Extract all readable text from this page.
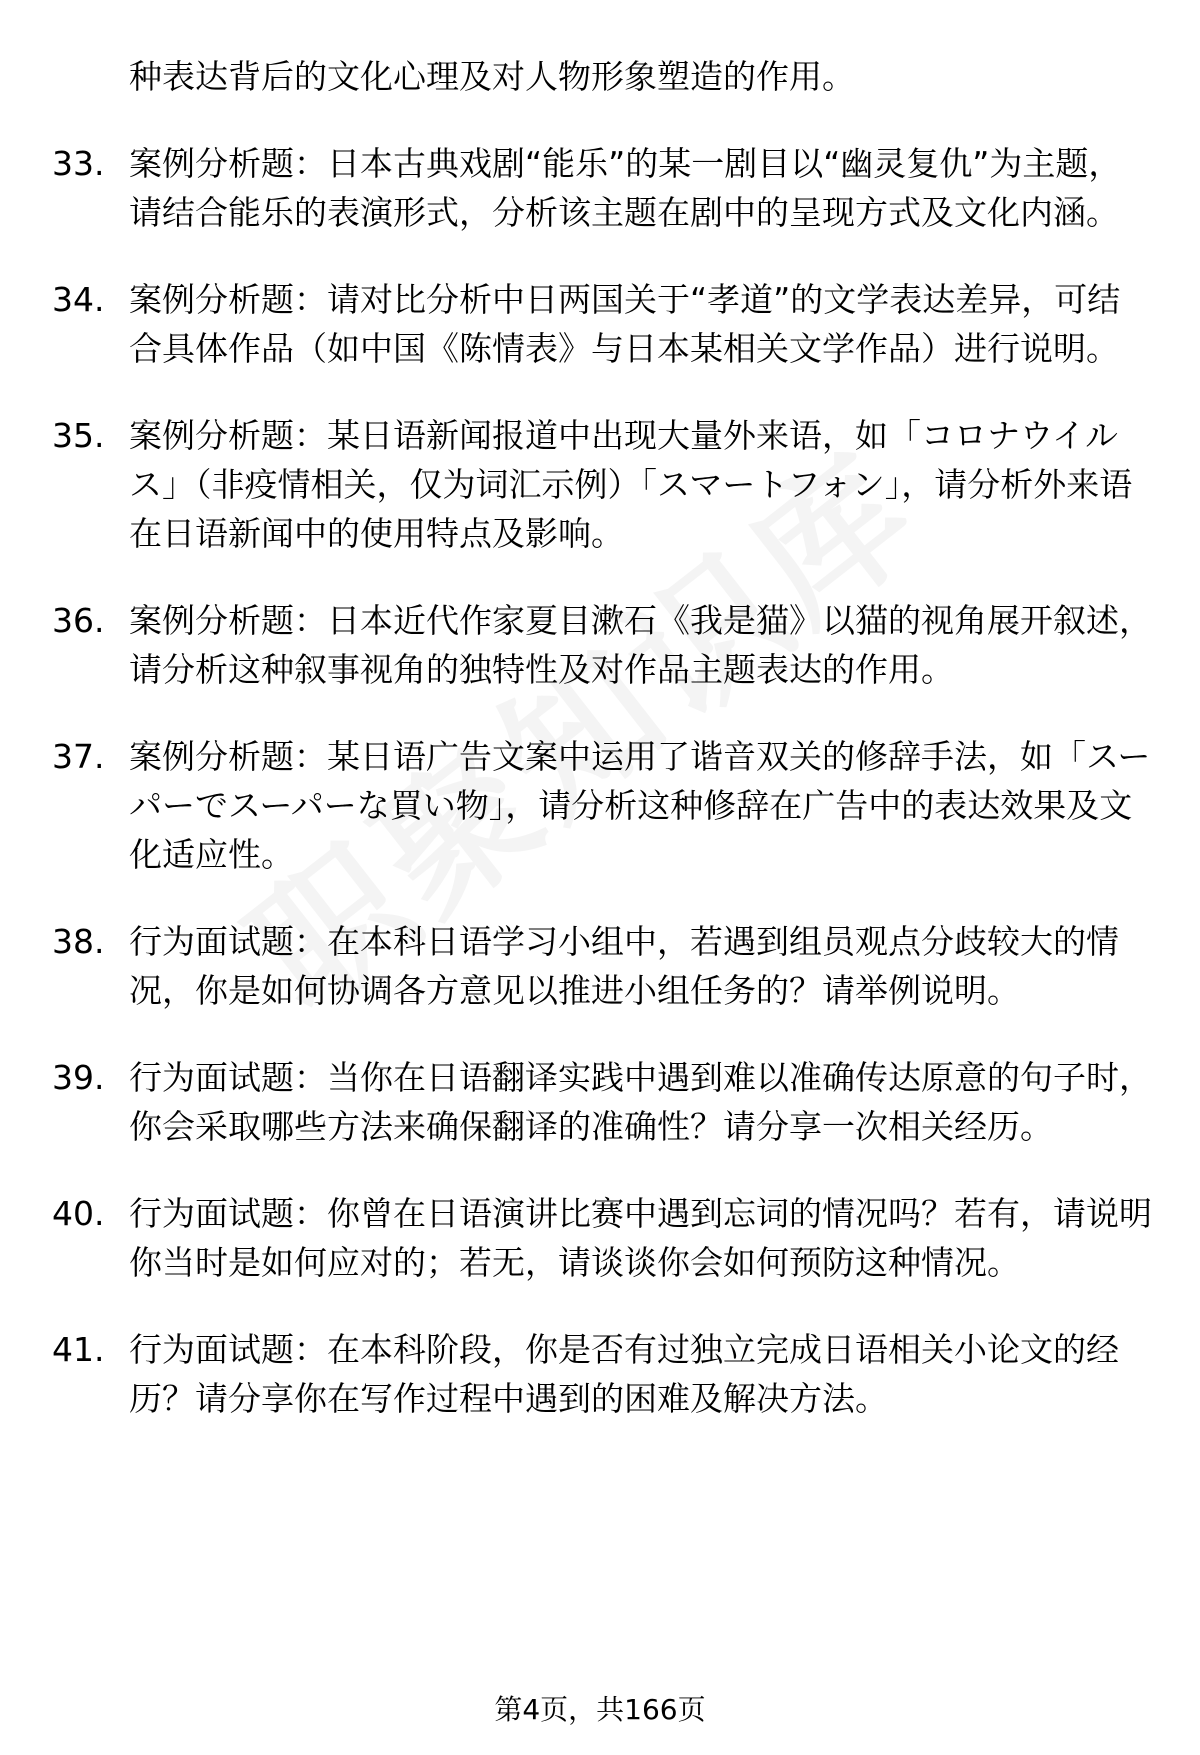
种表达背后的文化心理及对人物形象塑造的作用。
33. 案例分析题：日本古典戏剧“能乐”的某一剧目以“幽灵复仇”为主题，请结合能乐的表演形式，分析该主题在剧中的呈现方式及文化内涵。
34. 案例分析题：请对比分析中日两国关于“孝道”的文学表达差异，可结合具体作品（如中国《陈情表》与日本某相关文学作品）进行说明。
35. 案例分析题：某日语新闻报道中出现大量外来语，如「コロナウイルス」（非疫情相关，仅为词汇示例）「スマートフォン」，请分析外来语在日语新闻中的使用特点及影响。
36. 案例分析题：日本近代作家夏目漱石《我是猫》以猫的视角展开叙述，请分析这种叙事视角的独特性及对作品主题表达的作用。
37. 案例分析题：某日语广告文案中运用了谐音双关的修辞手法，如「スーパーでスーパーな買い物」，请分析这种修辞在广告中的表达效果及文化适应性。
38. 行为面试题：在本科日语学习小组中，若遇到组员观点分歧较大的情况，你是如何协调各方意见以推进小组任务的？请举例说明。
39. 行为面试题：当你在日语翻译实践中遇到难以准确传达原意的句子时，你会采取哪些方法来确保翻译的准确性？请分享一次相关经历。
40. 行为面试题：你曾在日语演讲比赛中遇到忘词的情况吗？若有，请说明你当时是如何应对的；若无，请谈谈你会如何预防这种情况。
41. 行为面试题：在本科阶段，你是否有过独立完成日语相关小论文的经历？请分享你在写作过程中遇到的困难及解决方法。
第4页，共166页
